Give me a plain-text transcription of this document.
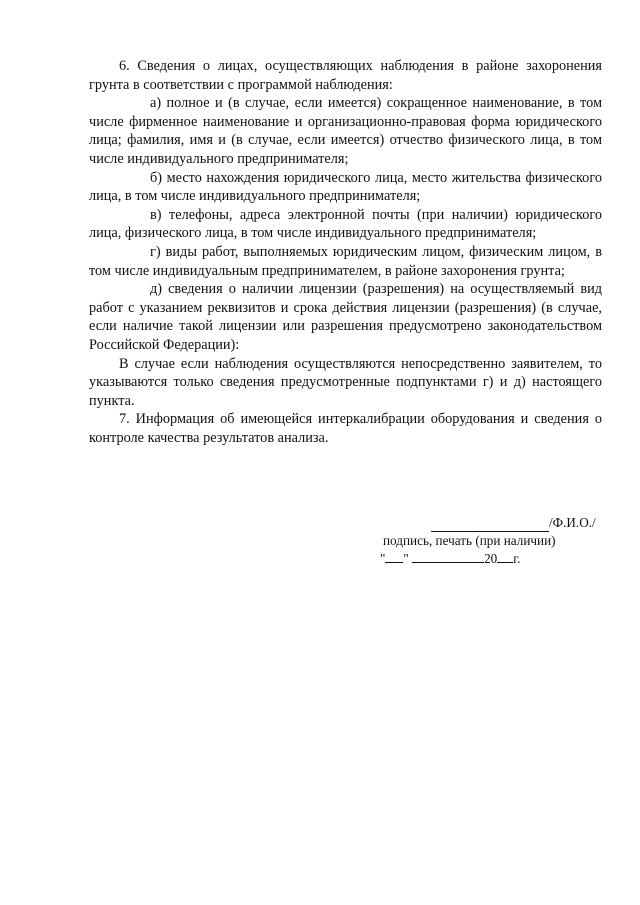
6. Сведения о лицах, осуществляющих наблюдения в районе захоронения грунта в соответствии с программой наблюдения:

а) полное и (в случае, если имеется) сокращенное наименование, в том числе фирменное наименование и организационно-правовая форма юридического лица; фамилия, имя и (в случае, если имеется) отчество физического лица, в том числе индивидуального предпринимателя;

б) место нахождения юридического лица, место жительства физического лица, в том числе индивидуального предпринимателя;

в) телефоны, адреса электронной почты (при наличии) юридического лица, физического лица, в том числе индивидуального предпринимателя;

г) виды работ, выполняемых юридическим лицом, физическим лицом, в том числе индивидуальным предпринимателем, в районе захоронения грунта;

д) сведения о наличии лицензии (разрешения) на осуществляемый вид работ с указанием реквизитов и срока действия лицензии (разрешения) (в случае, если наличие такой лицензии или разрешения предусмотрено законодательством Российской Федерации):

В случае если наблюдения осуществляются непосредственно заявителем, то указываются только сведения предусмотренные подпунктами г) и д) настоящего пункта.

7. Информация об имеющейся интеркалибрации оборудования и сведения о контроле качества результатов анализа.

/Ф.И.О./
подпись, печать (при наличии)
" "	20 г.
